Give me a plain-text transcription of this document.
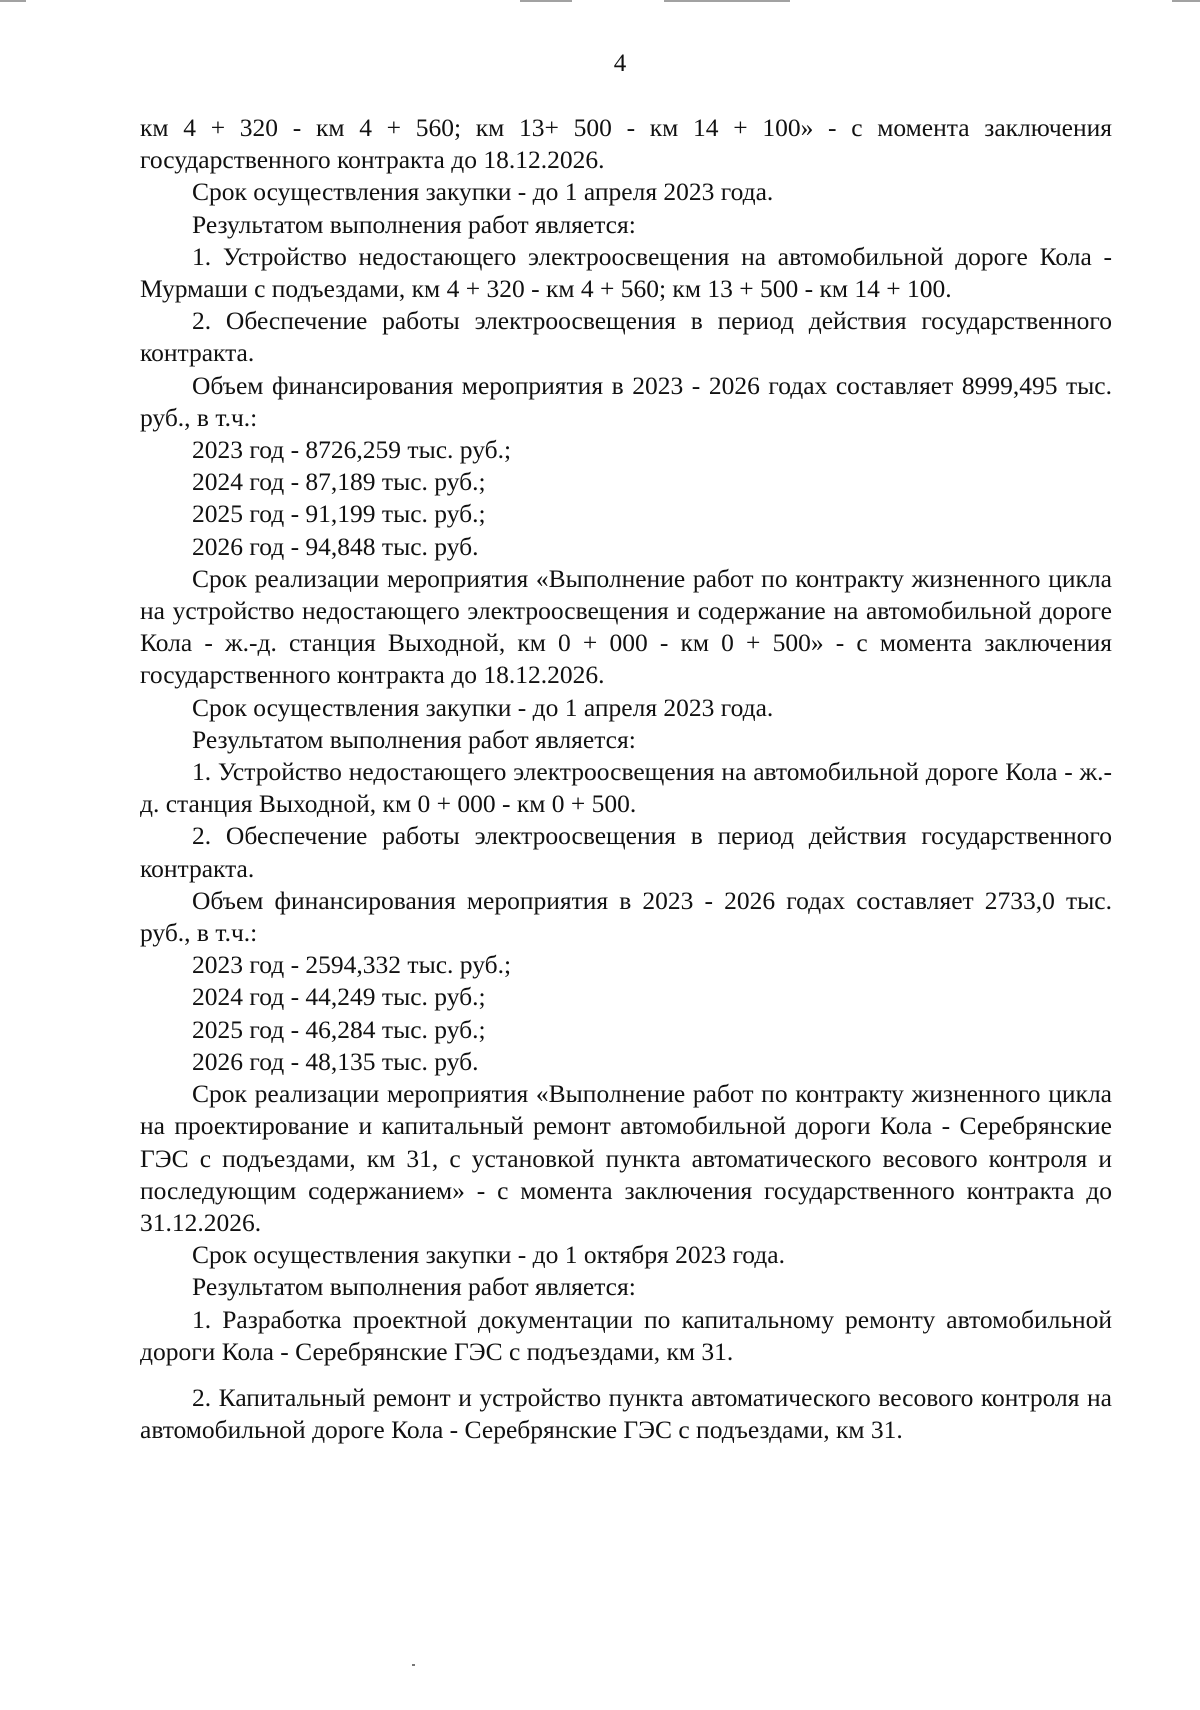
4

км 4 + 320 - км 4 + 560; км 13+ 500 - км 14 + 100» - с момента заключения государственного контракта до 18.12.2026.

Срок осуществления закупки - до 1 апреля 2023 года.

Результатом выполнения работ является:

1. Устройство недостающего электроосвещения на автомобильной дороге Кола - Мурмаши с подъездами, км 4 + 320 - км 4 + 560; км 13 + 500 - км 14 + 100.

2. Обеспечение работы электроосвещения в период действия государственного контракта.

Объем финансирования мероприятия в 2023 - 2026 годах составляет 8999,495 тыс. руб., в т.ч.:

2023 год - 8726,259 тыс. руб.;

2024 год - 87,189 тыс. руб.;

2025 год - 91,199 тыс. руб.;

2026 год - 94,848 тыс. руб.

Срок реализации мероприятия «Выполнение работ по контракту жизненного цикла на устройство недостающего электроосвещения и содержание на автомобильной дороге Кола - ж.-д. станция Выходной, км 0 + 000 - км 0 + 500» - с момента заключения государственного контракта до 18.12.2026.

Срок осуществления закупки - до 1 апреля 2023 года.

Результатом выполнения работ является:

1. Устройство недостающего электроосвещения на автомобильной дороге Кола - ж.-д. станция Выходной, км 0 + 000 - км 0 + 500.

2. Обеспечение работы электроосвещения в период действия государственного контракта.

Объем финансирования мероприятия в 2023 - 2026 годах составляет 2733,0 тыс. руб., в т.ч.:

2023 год - 2594,332 тыс. руб.;

2024 год - 44,249 тыс. руб.;

2025 год - 46,284 тыс. руб.;

2026 год - 48,135 тыс. руб.

Срок реализации мероприятия «Выполнение работ по контракту жизненного цикла на проектирование и капитальный ремонт автомобильной дороги Кола - Серебрянские ГЭС с подъездами, км 31, с установкой пункта автоматического весового контроля и последующим содержанием» - с момента заключения государственного контракта до 31.12.2026.

Срок осуществления закупки - до 1 октября 2023 года.

Результатом выполнения работ является:

1. Разработка проектной документации по капитальному ремонту автомобильной дороги Кола - Серебрянские ГЭС с подъездами, км 31.

2. Капитальный ремонт и устройство пункта автоматического весового контроля на автомобильной дороге Кола - Серебрянские ГЭС с подъездами, км 31.
